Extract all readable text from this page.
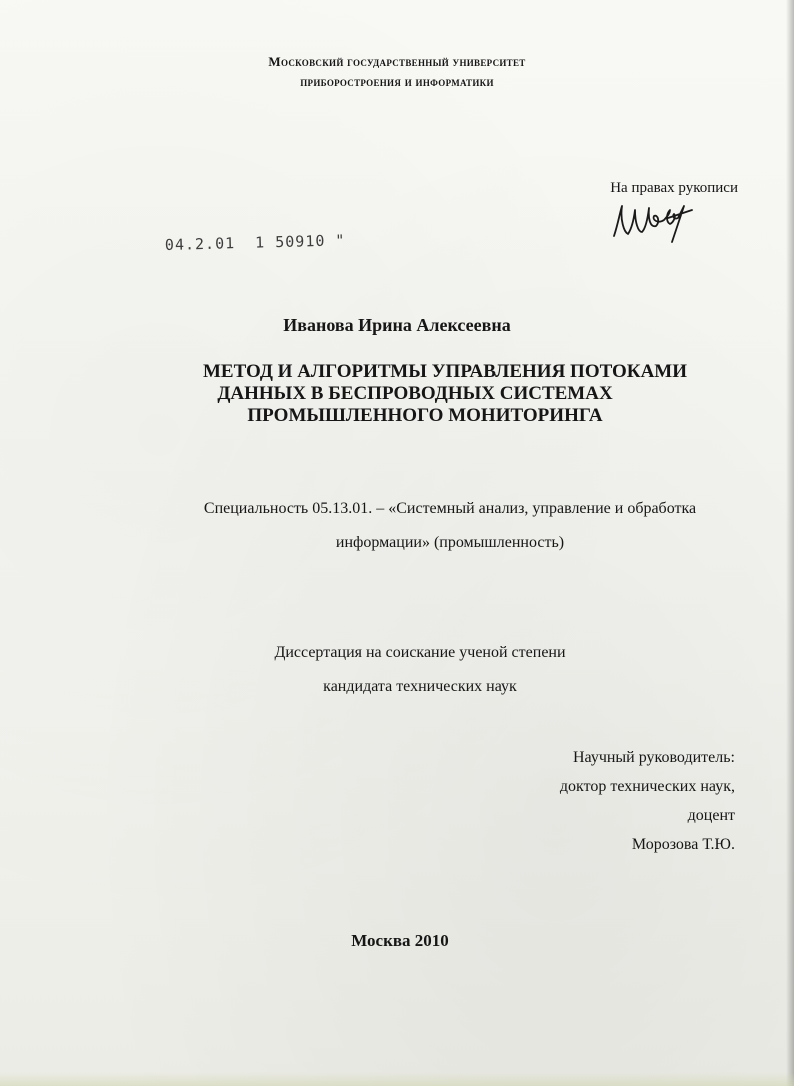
Московский государственный университет
приборостроения и информатики
На правах рукописи
04.2.01 1 50910 "
Иванова Ирина Алексеевна
МЕТОД И АЛГОРИТМЫ УПРАВЛЕНИЯ ПОТОКАМИ
ДАННЫХ В БЕСПРОВОДНЫХ СИСТЕМАХ
ПРОМЫШЛЕННОГО МОНИТОРИНГА
Специальность 05.13.01. – «Системный анализ, управление и обработка
информации» (промышленность)
Диссертация на соискание ученой степени
кандидата технических наук
Научный руководитель:
доктор технических наук,
доцент
Морозова Т.Ю.
Москва 2010
